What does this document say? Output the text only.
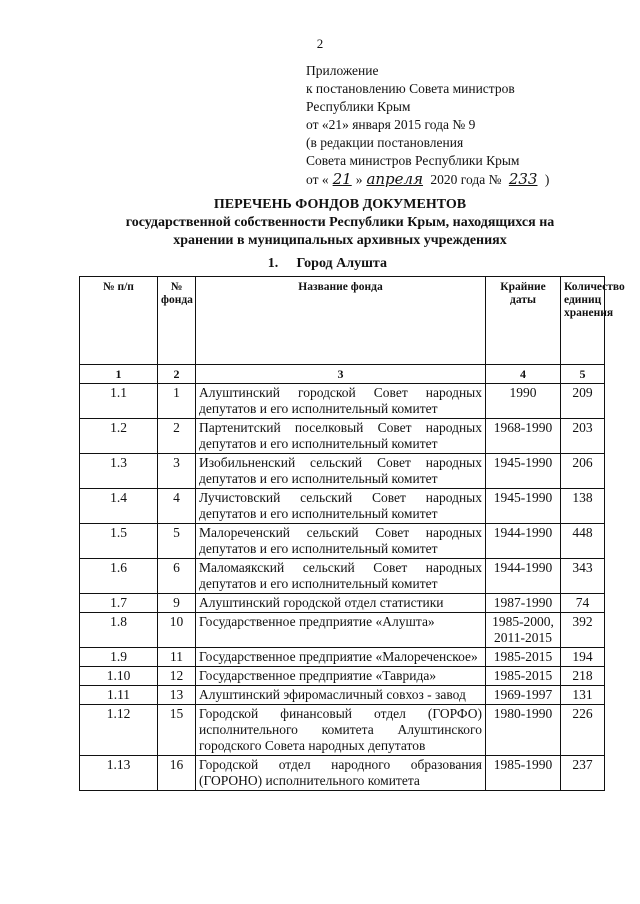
2
Приложение
к постановлению Совета министров
Республики Крым
от «21» января 2015 года № 9
(в редакции постановления
Совета министров Республики Крым
от « 21 » апреля 2020 года № 233 )
ПЕРЕЧЕНЬ ФОНДОВ ДОКУМЕНТОВ
государственной собственности Республики Крым, находящихся на
хранении в муниципальных архивных учреждениях
1. Город Алушта
№ п/п	№ фонда	Название фонда	Крайние даты	Количество единиц хранения
1	2	3	4	5
1.1	1	Алуштинский городской Совет народных депутатов и его исполнительный комитет	1990	209
1.2	2	Партенитский поселковый Совет народных депутатов и его исполнительный комитет	1968-1990	203
1.3	3	Изобильненский сельский Совет народных депутатов и его исполнительный комитет	1945-1990	206
1.4	4	Лучистовский сельский Совет народных депутатов и его исполнительный комитет	1945-1990	138
1.5	5	Малореченский сельский Совет народных депутатов и его исполнительный комитет	1944-1990	448
1.6	6	Маломаякский сельский Совет народных депутатов и его исполнительный комитет	1944-1990	343
1.7	9	Алуштинский городской отдел статистики	1987-1990	74
1.8	10	Государственное предприятие «Алушта»	1985-2000, 2011-2015	392
1.9	11	Государственное предприятие «Малореченское»	1985-2015	194
1.10	12	Государственное предприятие «Таврида»	1985-2015	218
1.11	13	Алуштинский эфиромасличный совхоз - завод	1969-1997	131
1.12	15	Городской финансовый отдел (ГОРФО) исполнительного комитета Алуштинского городского Совета народных депутатов	1980-1990	226
1.13	16	Городской отдел народного образования (ГОРОНО) исполнительного комитета	1985-1990	237
